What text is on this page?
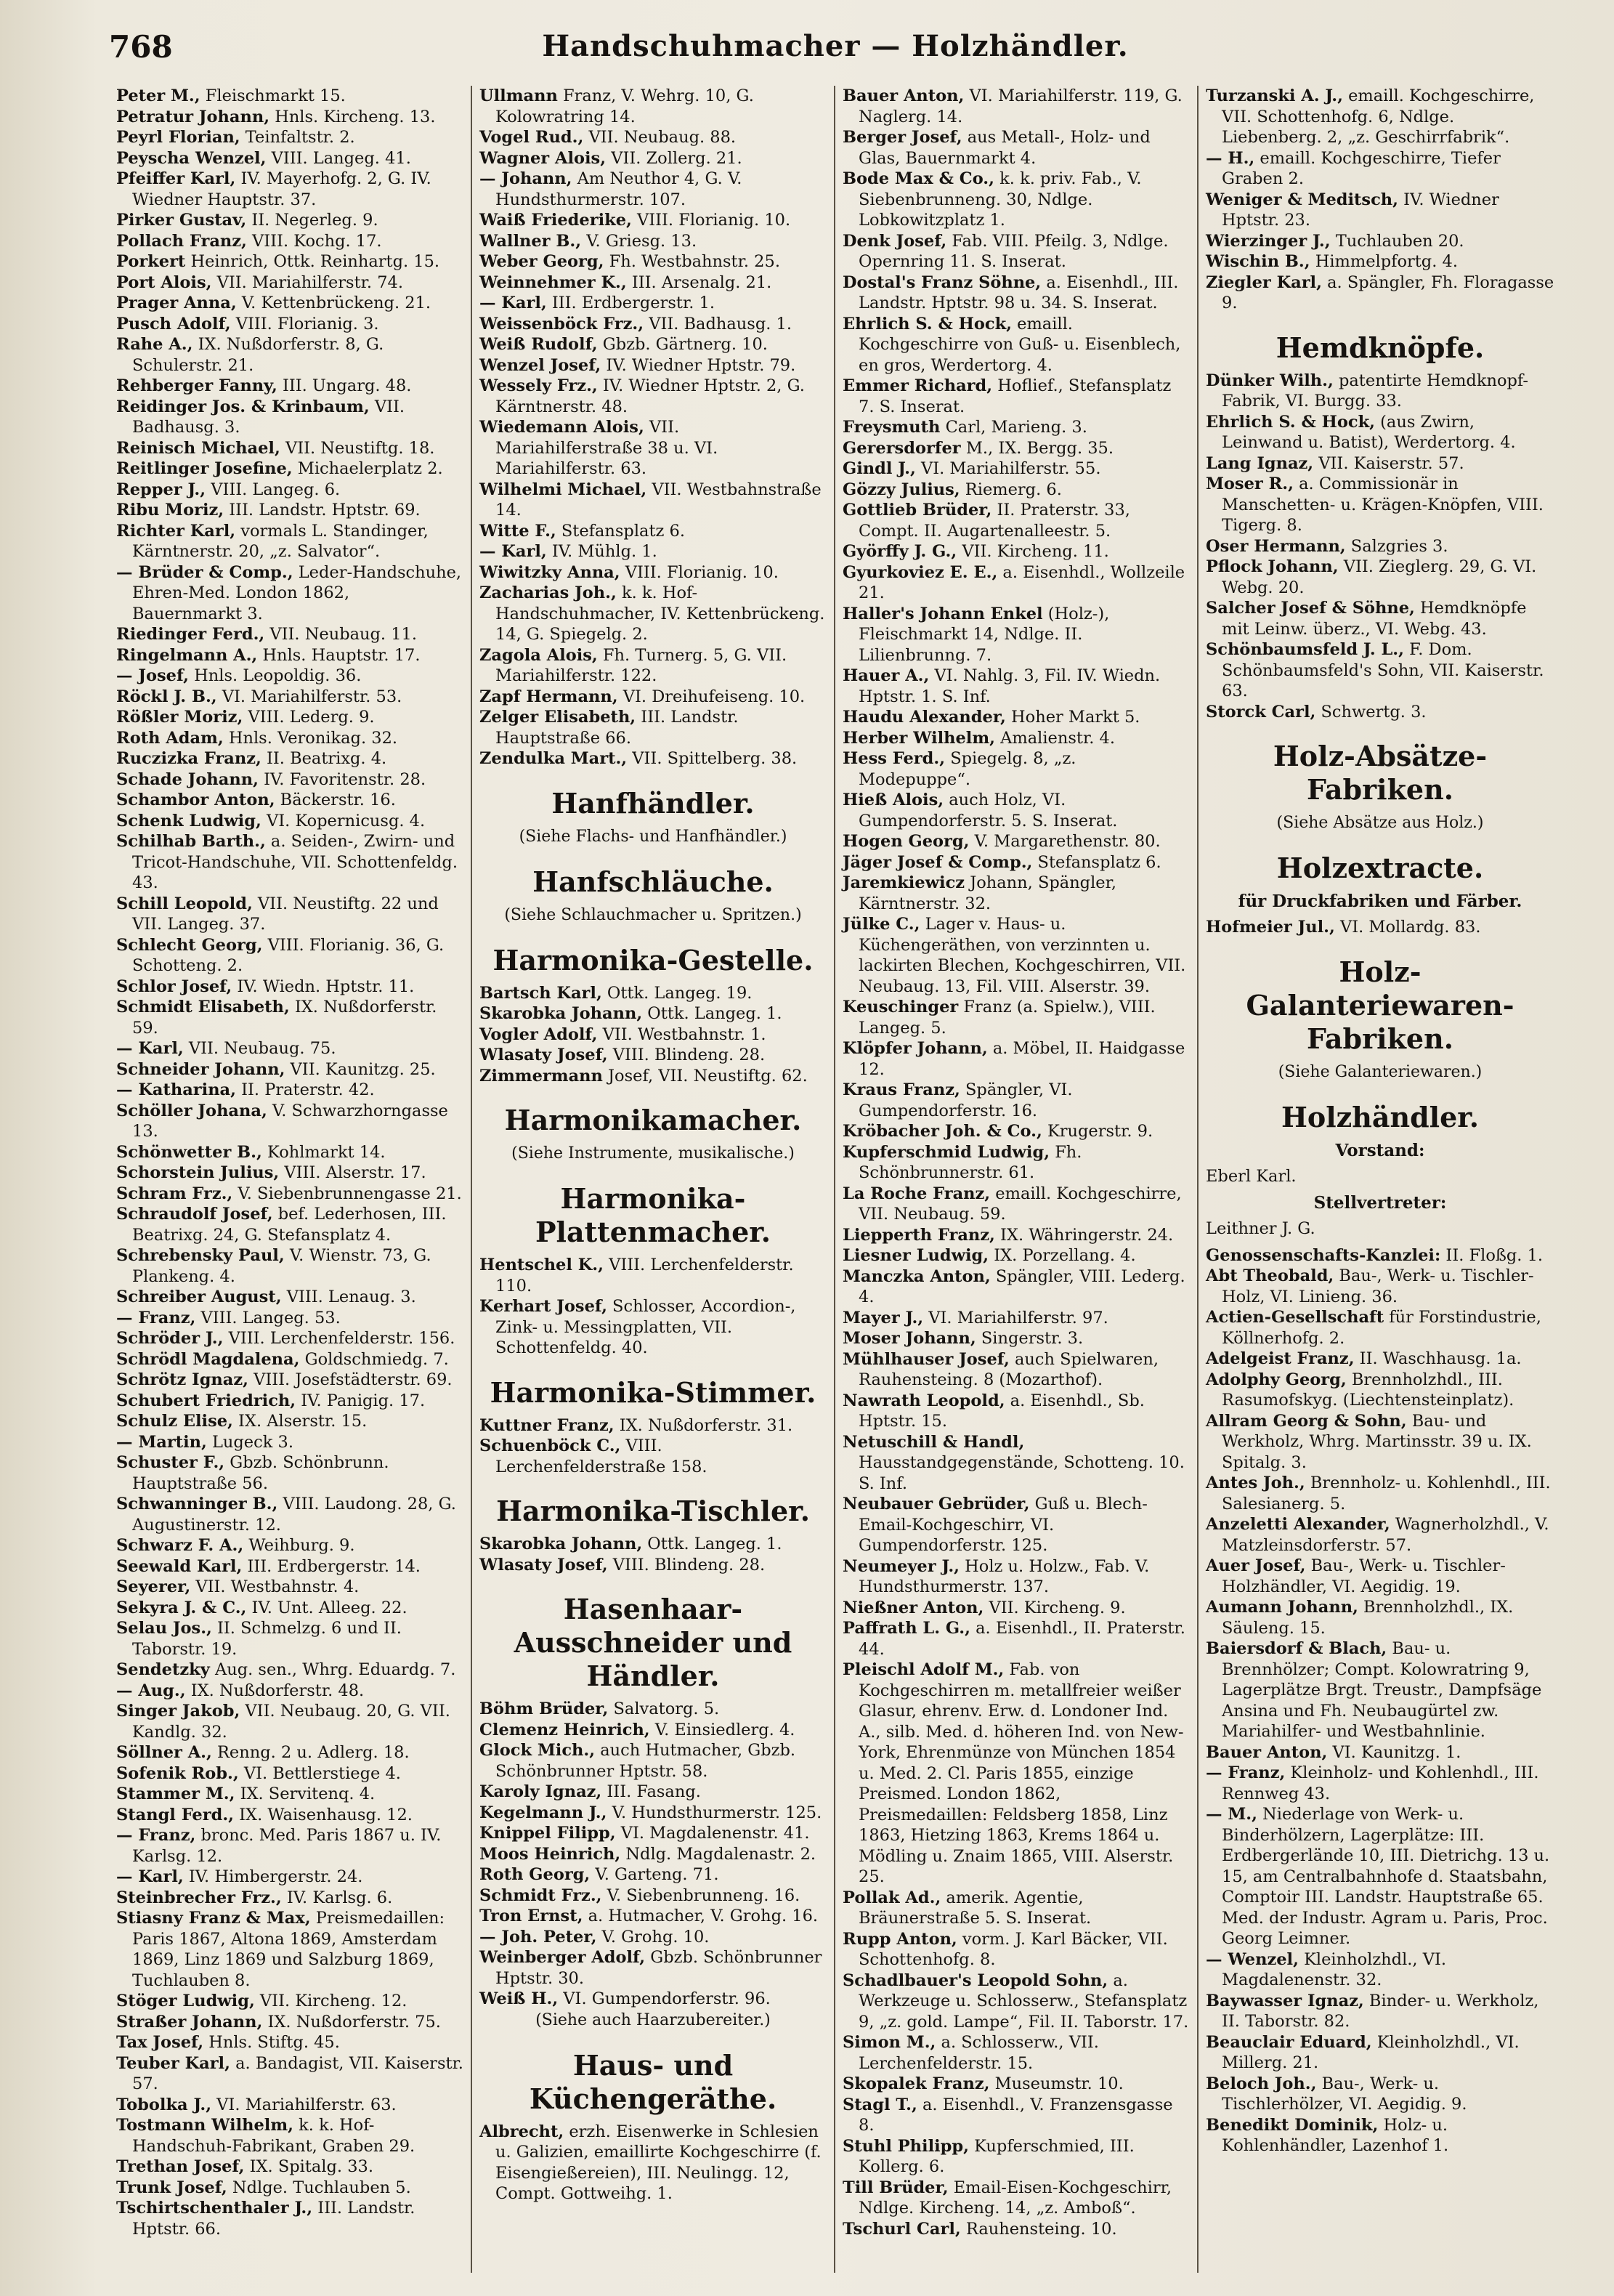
768	Handschuhmacher — Holzhändler.

Peter M., Fleischmarkt 15.

Petratur Johann, Hnls. Kircheng. 13.

Peyrl Florian, Teinfaltstr. 2.

Peyscha Wenzel, VIII. Langeg. 41.

Pfeiffer Karl, IV. Mayerhofg. 2, G. IV. Wiedner Hauptstr. 37.

Pirker Gustav, II. Negerleg. 9.

Pollach Franz, VIII. Kochg. 17.

Porkert Heinrich, Ottk. Reinhartg. 15.

Port Alois, VII. Mariahilferstr. 74.

Prager Anna, V. Kettenbrückeng. 21.

Pusch Adolf, VIII. Florianig. 3.

Rahe A., IX. Nußdorferstr. 8, G. Schulerstr. 21.

Rehberger Fanny, III. Ungarg. 48.

Reidinger Jos. & Krinbaum, VII. Badhausg. 3.

Reinisch Michael, VII. Neustiftg. 18.

Reitlinger Josefine, Michaelerplatz 2.

Repper J., VIII. Langeg. 6.

Ribu Moriz, III. Landstr. Hptstr. 69.

Richter Karl, vormals L. Standinger, Kärntnerstr. 20, „z. Salvator“.

— Brüder & Comp., Leder-Handschuhe, Ehren-Med. London 1862, Bauernmarkt 3.

Riedinger Ferd., VII. Neubaug. 11.

Ringelmann A., Hnls. Hauptstr. 17.

— Josef, Hnls. Leopoldig. 36.

Röckl J. B., VI. Mariahilferstr. 53.

Rößler Moriz, VIII. Lederg. 9.

Roth Adam, Hnls. Veronikag. 32.

Ruczizka Franz, II. Beatrixg. 4.

Schade Johann, IV. Favoritenstr. 28.

Schambor Anton, Bäckerstr. 16.

Schenk Ludwig, VI. Kopernicusg. 4.

Schilhab Barth., a. Seiden-, Zwirn- und Tricot-Handschuhe, VII. Schottenfeldg. 43.

Schill Leopold, VII. Neustiftg. 22 und VII. Langeg. 37.

Schlecht Georg, VIII. Florianig. 36, G. Schotteng. 2.

Schlor Josef, IV. Wiedn. Hptstr. 11.

Schmidt Elisabeth, IX. Nußdorferstr. 59.

— Karl, VII. Neubaug. 75.

Schneider Johann, VII. Kaunitzg. 25.

— Katharina, II. Praterstr. 42.

Schöller Johana, V. Schwarzhorngasse 13.

Schönwetter B., Kohlmarkt 14.

Schorstein Julius, VIII. Alserstr. 17.

Schram Frz., V. Siebenbrunnengasse 21.

Schraudolf Josef, bef. Lederhosen, III. Beatrixg. 24, G. Stefansplatz 4.

Schrebensky Paul, V. Wienstr. 73, G. Plankeng. 4.

Schreiber August, VIII. Lenaug. 3.

— Franz, VIII. Langeg. 53.

Schröder J., VIII. Lerchenfelderstr. 156.

Schrödl Magdalena, Goldschmiedg. 7.

Schrötz Ignaz, VIII. Josefstädterstr. 69.

Schubert Friedrich, IV. Panigig. 17.

Schulz Elise, IX. Alserstr. 15.

— Martin, Lugeck 3.

Schuster F., Gbzb. Schönbrunn. Hauptstraße 56.

Schwanninger B., VIII. Laudong. 28, G. Augustinerstr. 12.

Schwarz F. A., Weihburg. 9.

Seewald Karl, III. Erdbergerstr. 14.

Seyerer, VII. Westbahnstr. 4.

Sekyra J. & C., IV. Unt. Alleeg. 22.

Selau Jos., II. Schmelzg. 6 und II. Taborstr. 19.

Sendetzky Aug. sen., Whrg. Eduardg. 7.

— Aug., IX. Nußdorferstr. 48.

Singer Jakob, VII. Neubaug. 20, G. VII. Kandlg. 32.

Söllner A., Renng. 2 u. Adlerg. 18.

Sofenik Rob., VI. Bettlerstiege 4.

Stammer M., IX. Servitenq. 4.

Stangl Ferd., IX. Waisenhausg. 12.

— Franz, bronc. Med. Paris 1867 u. IV. Karlsg. 12.

— Karl, IV. Himbergerstr. 24.

Steinbrecher Frz., IV. Karlsg. 6.

Stiasny Franz & Max, Preismedaillen: Paris 1867, Altona 1869, Amsterdam 1869, Linz 1869 und Salzburg 1869, Tuchlauben 8.

Stöger Ludwig, VII. Kircheng. 12.

Straßer Johann, IX. Nußdorferstr. 75.

Tax Josef, Hnls. Stiftg. 45.

Teuber Karl, a. Bandagist, VII. Kaiserstr. 57.

Tobolka J., VI. Mariahilferstr. 63.

Tostmann Wilhelm, k. k. Hof-Handschuh-Fabrikant, Graben 29.

Trethan Josef, IX. Spitalg. 33.

Trunk Josef, Ndlge. Tuchlauben 5.

Tschirtschenthaler J., III. Landstr. Hptstr. 66.

Ullmann Franz, V. Wehrg. 10, G. Kolowratring 14.

Vogel Rud., VII. Neubaug. 88.

Wagner Alois, VII. Zollerg. 21.

— Johann, Am Neuthor 4, G. V. Hundsthurmerstr. 107.

Waiß Friederike, VIII. Florianig. 10.

Wallner B., V. Griesg. 13.

Weber Georg, Fh. Westbahnstr. 25.

Weinnehmer K., III. Arsenalg. 21.

— Karl, III. Erdbergerstr. 1.

Weissenböck Frz., VII. Badhausg. 1.

Weiß Rudolf, Gbzb. Gärtnerg. 10.

Wenzel Josef, IV. Wiedner Hptstr. 79.

Wessely Frz., IV. Wiedner Hptstr. 2, G. Kärntnerstr. 48.

Wiedemann Alois, VII. Mariahilferstraße 38 u. VI. Mariahilferstr. 63.

Wilhelmi Michael, VII. Westbahnstraße 14.

Witte F., Stefansplatz 6.

— Karl, IV. Mühlg. 1.

Wiwitzky Anna, VIII. Florianig. 10.

Zacharias Joh., k. k. Hof-Handschuhmacher, IV. Kettenbrückeng. 14, G. Spiegelg. 2.

Zagola Alois, Fh. Turnerg. 5, G. VII. Mariahilferstr. 122.

Zapf Hermann, VI. Dreihufeiseng. 10.

Zelger Elisabeth, III. Landstr. Hauptstraße 66.

Zendulka Mart., VII. Spittelberg. 38.

Hanfhändler.
(Siehe Flachs- und Hanfhändler.)
Hanfschläuche.
(Siehe Schlauchmacher u. Spritzen.)
Harmonika-Gestelle.

Bartsch Karl, Ottk. Langeg. 19.

Skarobka Johann, Ottk. Langeg. 1.

Vogler Adolf, VII. Westbahnstr. 1.

Wlasaty Josef, VIII. Blindeng. 28.

Zimmermann Josef, VII. Neustiftg. 62.

Harmonikamacher.
(Siehe Instrumente, musikalische.)
Harmonika-Plattenmacher.

Hentschel K., VIII. Lerchenfelderstr. 110.

Kerhart Josef, Schlosser, Accordion-, Zink- u. Messingplatten, VII. Schottenfeldg. 40.

Harmonika-Stimmer.

Kuttner Franz, IX. Nußdorferstr. 31.

Schuenböck C., VIII. Lerchenfelderstraße 158.

Harmonika-Tischler.

Skarobka Johann, Ottk. Langeg. 1.

Wlasaty Josef, VIII. Blindeng. 28.

Hasenhaar-Ausschneider und Händler.

Böhm Brüder, Salvatorg. 5.

Clemenz Heinrich, V. Einsiedlerg. 4.

Glock Mich., auch Hutmacher, Gbzb. Schönbrunner Hptstr. 58.

Karoly Ignaz, III. Fasang.

Kegelmann J., V. Hundsthurmerstr. 125.

Knippel Filipp, VI. Magdalenenstr. 41.

Moos Heinrich, Ndlg. Magdalenastr. 2.

Roth Georg, V. Garteng. 71.

Schmidt Frz., V. Siebenbrunneng. 16.

Tron Ernst, a. Hutmacher, V. Grohg. 16.

— Joh. Peter, V. Grohg. 10.

Weinberger Adolf, Gbzb. Schönbrunner Hptstr. 30.

Weiß H., VI. Gumpendorferstr. 96.

(Siehe auch Haarzubereiter.)
Haus- und Küchengeräthe.

Albrecht, erzh. Eisenwerke in Schlesien u. Galizien, emaillirte Kochgeschirre (f. Eisengießereien), III. Neulingg. 12, Compt. Gottweihg. 1.

Bauer Anton, VI. Mariahilferstr. 119, G. Naglerg. 14.

Berger Josef, aus Metall-, Holz- und Glas, Bauernmarkt 4.

Bode Max & Co., k. k. priv. Fab., V. Siebenbrunneng. 30, Ndlge. Lobkowitzplatz 1.

Denk Josef, Fab. VIII. Pfeilg. 3, Ndlge. Opernring 11. S. Inserat.

Dostal's Franz Söhne, a. Eisenhdl., III. Landstr. Hptstr. 98 u. 34. S. Inserat.

Ehrlich S. & Hock, emaill. Kochgeschirre von Guß- u. Eisenblech, en gros, Werdertorg. 4.

Emmer Richard, Hoflief., Stefansplatz 7. S. Inserat.

Freysmuth Carl, Marieng. 3.

Gerersdorfer M., IX. Bergg. 35.

Gindl J., VI. Mariahilferstr. 55.

Gözzy Julius, Riemerg. 6.

Gottlieb Brüder, II. Praterstr. 33, Compt. II. Augartenalleestr. 5.

Györffy J. G., VII. Kircheng. 11.

Gyurkoviez E. E., a. Eisenhdl., Wollzeile 21.

Haller's Johann Enkel (Holz-), Fleischmarkt 14, Ndlge. II. Lilienbrunng. 7.

Hauer A., VI. Nahlg. 3, Fil. IV. Wiedn. Hptstr. 1. S. Inf.

Haudu Alexander, Hoher Markt 5.

Herber Wilhelm, Amalienstr. 4.

Hess Ferd., Spiegelg. 8, „z. Modepuppe“.

Hieß Alois, auch Holz, VI. Gumpendorferstr. 5. S. Inserat.

Hogen Georg, V. Margarethenstr. 80.

Jäger Josef & Comp., Stefansplatz 6.

Jaremkiewicz Johann, Spängler, Kärntnerstr. 32.

Jülke C., Lager v. Haus- u. Küchengeräthen, von verzinnten u. lackirten Blechen, Kochgeschirren, VII. Neubaug. 13, Fil. VIII. Alserstr. 39.

Keuschinger Franz (a. Spielw.), VIII. Langeg. 5.

Klöpfer Johann, a. Möbel, II. Haidgasse 12.

Kraus Franz, Spängler, VI. Gumpendorferstr. 16.

Kröbacher Joh. & Co., Krugerstr. 9.

Kupferschmid Ludwig, Fh. Schönbrunnerstr. 61.

La Roche Franz, emaill. Kochgeschirre, VII. Neubaug. 59.

Liepperth Franz, IX. Währingerstr. 24.

Liesner Ludwig, IX. Porzellang. 4.

Manczka Anton, Spängler, VIII. Lederg. 4.

Mayer J., VI. Mariahilferstr. 97.

Moser Johann, Singerstr. 3.

Mühlhauser Josef, auch Spielwaren, Rauhensteing. 8 (Mozarthof).

Nawrath Leopold, a. Eisenhdl., Sb. Hptstr. 15.

Netuschill & Handl, Hausstandgegenstände, Schotteng. 10. S. Inf.

Neubauer Gebrüder, Guß u. Blech-Email-Kochgeschirr, VI. Gumpendorferstr. 125.

Neumeyer J., Holz u. Holzw., Fab. V. Hundsthurmerstr. 137.

Nießner Anton, VII. Kircheng. 9.

Paffrath L. G., a. Eisenhdl., II. Praterstr. 44.

Pleischl Adolf M., Fab. von Kochgeschirren m. metallfreier weißer Glasur, ehrenv. Erw. d. Londoner Ind. A., silb. Med. d. höheren Ind. von New-York, Ehrenmünze von München 1854 u. Med. 2. Cl. Paris 1855, einzige Preismed. London 1862, Preismedaillen: Feldsberg 1858, Linz 1863, Hietzing 1863, Krems 1864 u. Mödling u. Znaim 1865, VIII. Alserstr. 25.

Pollak Ad., amerik. Agentie, Bräunerstraße 5. S. Inserat.

Rupp Anton, vorm. J. Karl Bäcker, VII. Schottenhofg. 8.

Schadlbauer's Leopold Sohn, a. Werkzeuge u. Schlosserw., Stefansplatz 9, „z. gold. Lampe“, Fil. II. Taborstr. 17.

Simon M., a. Schlosserw., VII. Lerchenfelderstr. 15.

Skopalek Franz, Museumstr. 10.

Stagl T., a. Eisenhdl., V. Franzensgasse 8.

Stuhl Philipp, Kupferschmied, III. Kollerg. 6.

Till Brüder, Email-Eisen-Kochgeschirr, Ndlge. Kircheng. 14, „z. Amboß“.

Tschurl Carl, Rauhensteing. 10.

Turzanski A. J., emaill. Kochgeschirre, VII. Schottenhofg. 6, Ndlge. Liebenberg. 2, „z. Geschirrfabrik“.

— H., emaill. Kochgeschirre, Tiefer Graben 2.

Weniger & Meditsch, IV. Wiedner Hptstr. 23.

Wierzinger J., Tuchlauben 20.

Wischin B., Himmelpfortg. 4.

Ziegler Karl, a. Spängler, Fh. Floragasse 9.

Hemdknöpfe.

Dünker Wilh., patentirte Hemdknopf-Fabrik, VI. Burgg. 33.

Ehrlich S. & Hock, (aus Zwirn, Leinwand u. Batist), Werdertorg. 4.

Lang Ignaz, VII. Kaiserstr. 57.

Moser R., a. Commissionär in Manschetten- u. Krägen-Knöpfen, VIII. Tigerg. 8.

Oser Hermann, Salzgries 3.

Pflock Johann, VII. Zieglerg. 29, G. VI. Webg. 20.

Salcher Josef & Söhne, Hemdknöpfe mit Leinw. überz., VI. Webg. 43.

Schönbaumsfeld J. L., F. Dom. Schönbaumsfeld's Sohn, VII. Kaiserstr. 63.

Storck Carl, Schwertg. 3.

Holz-Absätze-Fabriken.
(Siehe Absätze aus Holz.)
Holzextracte.
für Druckfabriken und Färber.

Hofmeier Jul., VI. Mollardg. 83.

Holz-Galanteriewaren-Fabriken.
(Siehe Galanteriewaren.)
Holzhändler.
Vorstand:
Eberl Karl.
Stellvertreter:
Leithner J. G.

Genossenschafts-Kanzlei: II. Floßg. 1.

Abt Theobald, Bau-, Werk- u. Tischler-Holz, VI. Linieng. 36.

Actien-Gesellschaft für Forstindustrie, Köllnerhofg. 2.

Adelgeist Franz, II. Waschhausg. 1a.

Adolphy Georg, Brennholzhdl., III. Rasumofskyg. (Liechtensteinplatz).

Allram Georg & Sohn, Bau- und Werkholz, Whrg. Martinsstr. 39 u. IX. Spitalg. 3.

Antes Joh., Brennholz- u. Kohlenhdl., III. Salesianerg. 5.

Anzeletti Alexander, Wagnerholzhdl., V. Matzleinsdorferstr. 57.

Auer Josef, Bau-, Werk- u. Tischler-Holzhändler, VI. Aegidig. 19.

Aumann Johann, Brennholzhdl., IX. Säuleng. 15.

Baiersdorf & Blach, Bau- u. Brennhölzer; Compt. Kolowratring 9, Lagerplätze Brgt. Treustr., Dampfsäge Ansina und Fh. Neubaugürtel zw. Mariahilfer- und Westbahnlinie.

Bauer Anton, VI. Kaunitzg. 1.

— Franz, Kleinholz- und Kohlenhdl., III. Rennweg 43.

— M., Niederlage von Werk- u. Binderhölzern, Lagerplätze: III. Erdbergerlände 10, III. Dietrichg. 13 u. 15, am Centralbahnhofe d. Staatsbahn, Comptoir III. Landstr. Hauptstraße 65. Med. der Industr. Agram u. Paris, Proc. Georg Leimner.

— Wenzel, Kleinholzhdl., VI. Magdalenenstr. 32.

Baywasser Ignaz, Binder- u. Werkholz, II. Taborstr. 82.

Beauclair Eduard, Kleinholzhdl., VI. Millerg. 21.

Beloch Joh., Bau-, Werk- u. Tischlerhölzer, VI. Aegidig. 9.

Benedikt Dominik, Holz- u. Kohlenhändler, Lazenhof 1.
